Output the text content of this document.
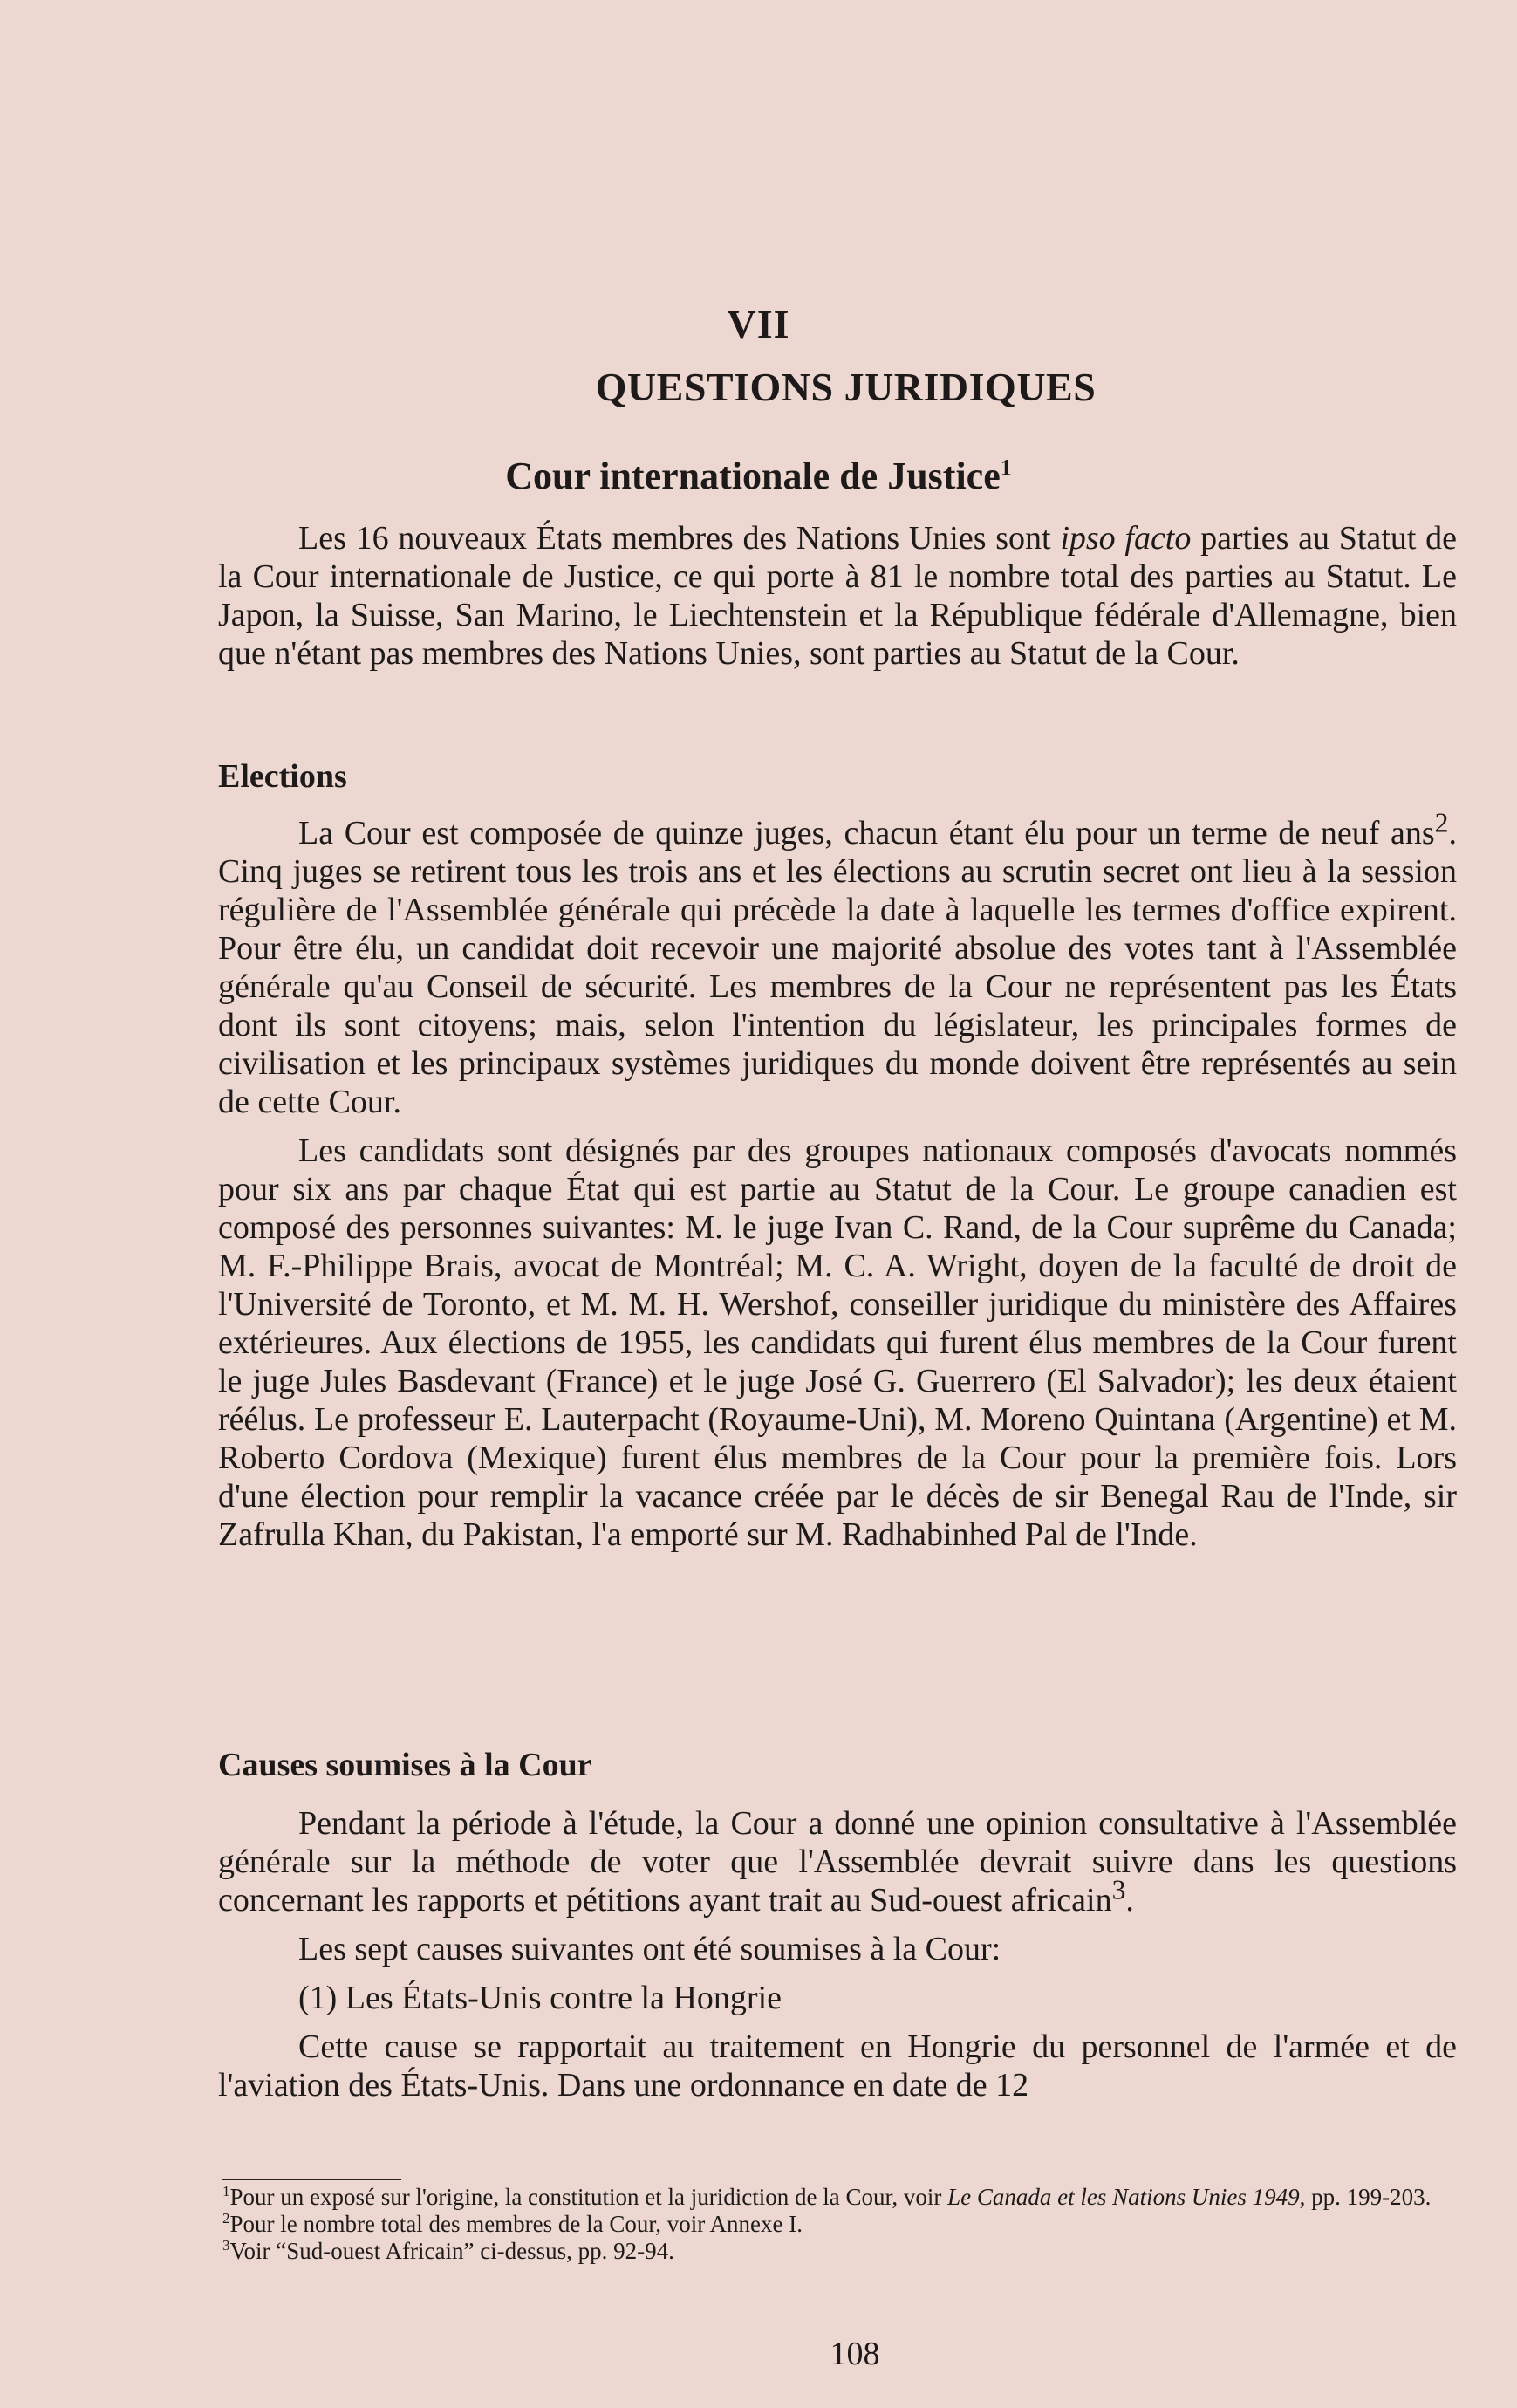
VII
QUESTIONS JURIDIQUES
Cour internationale de Justice$^1$

Les 16 nouveaux États membres des Nations Unies sont ipso facto parties au Statut de la Cour internationale de Justice, ce qui porte à 81 le nombre total des parties au Statut. Le Japon, la Suisse, San Marino, le Liechtenstein et la République fédérale d'Allemagne, bien que n'étant pas membres des Nations Unies, sont parties au Statut de la Cour.

Elections

La Cour est composée de quinze juges, chacun étant élu pour un terme de neuf ans$^2$. Cinq juges se retirent tous les trois ans et les élections au scrutin secret ont lieu à la session régulière de l'Assemblée générale qui précède la date à laquelle les termes d'office expirent. Pour être élu, un candidat doit recevoir une majorité absolue des votes tant à l'Assemblée générale qu'au Conseil de sécurité. Les membres de la Cour ne représentent pas les États dont ils sont citoyens; mais, selon l'intention du législateur, les principales formes de civilisation et les principaux systèmes juridiques du monde doivent être représentés au sein de cette Cour.

Les candidats sont désignés par des groupes nationaux composés d'avocats nommés pour six ans par chaque État qui est partie au Statut de la Cour. Le groupe canadien est composé des personnes suivantes: M. le juge Ivan C. Rand, de la Cour suprême du Canada; M. F.-Philippe Brais, avocat de Montréal; M. C. A. Wright, doyen de la faculté de droit de l'Université de Toronto, et M. M. H. Wershof, conseiller juridique du ministère des Affaires extérieures. Aux élections de 1955, les candidats qui furent élus membres de la Cour furent le juge Jules Basdevant (France) et le juge José G. Guerrero (El Salvador); les deux étaient réélus. Le professeur E. Lauterpacht (Royaume-Uni), M. Moreno Quintana (Argentine) et M. Roberto Cordova (Mexique) furent élus membres de la Cour pour la première fois. Lors d'une élection pour remplir la vacance créée par le décès de sir Benegal Rau de l'Inde, sir Zafrulla Khan, du Pakistan, l'a emporté sur M. Radhabinhed Pal de l'Inde.

Causes soumises à la Cour

Pendant la période à l'étude, la Cour a donné une opinion consultative à l'Assemblée générale sur la méthode de voter que l'Assemblée devrait suivre dans les questions concernant les rapports et pétitions ayant trait au Sud-ouest africain$^3$.

Les sept causes suivantes ont été soumises à la Cour:

(1) Les États-Unis contre la Hongrie

Cette cause se rapportait au traitement en Hongrie du personnel de l'armée et de l'aviation des États-Unis. Dans une ordonnance en date de 12

$^1$Pour un exposé sur l'origine, la constitution et la juridiction de la Cour, voir Le Canada et les Nations Unies 1949, pp. 199-203.
$^2$Pour le nombre total des membres de la Cour, voir Annexe I.
$^3$Voir “Sud-ouest Africain” ci-dessus, pp. 92-94.
108
